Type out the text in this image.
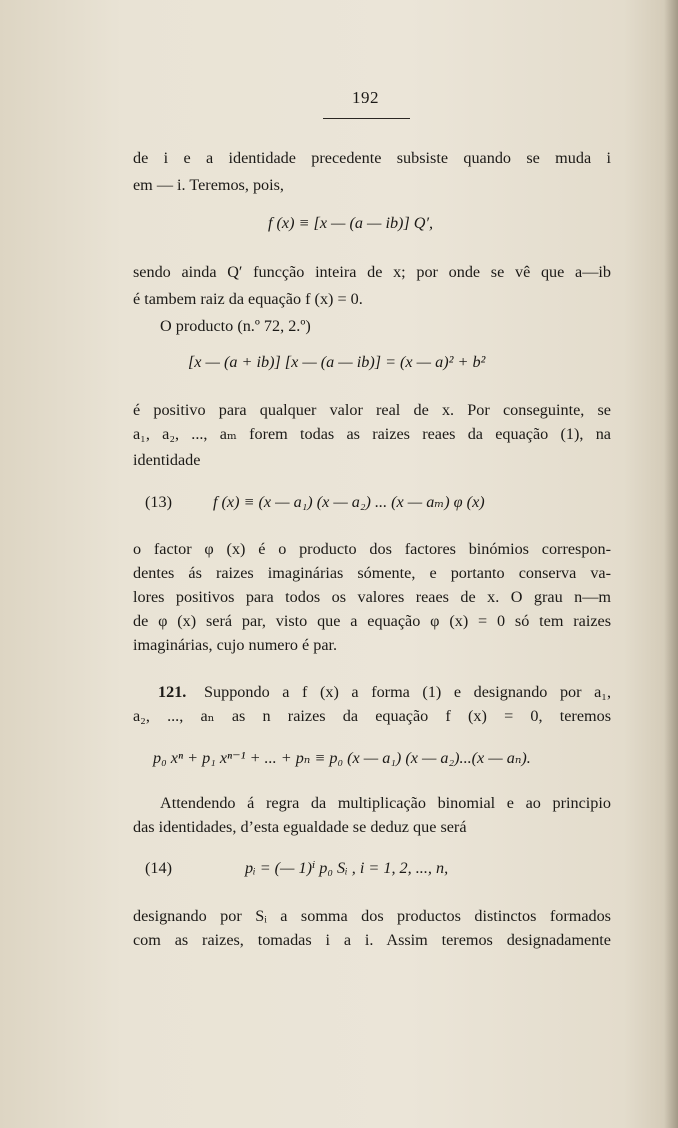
192
de i e a identidade precedente subsiste quando se muda i
em — i. Teremos, pois,
f (x) ≡ [x — (a — ib)] Q′,
sendo ainda Q′ funcção inteira de x; por onde se vê que a—ib
é tambem raiz da equação f (x) = 0.
O producto (n.º 72, 2.º)
[x — (a + ib)] [x — (a — ib)] = (x — a)² + b²
é positivo para qualquer valor real de x. Por conseguinte, se
a₁, a₂, ..., aₘ forem todas as raizes reaes da equação (1), na
identidade
(13)	f (x) ≡ (x — a₁) (x — a₂) ... (x — aₘ) φ (x)
o factor φ (x) é o producto dos factores binómios correspon-
dentes ás raizes imaginárias sómente, e portanto conserva va-
lores positivos para todos os valores reaes de x. O grau n—m
de φ (x) será par, visto que a equação φ (x) = 0 só tem raizes
imaginárias, cujo numero é par.
121.	Suppondo a f (x) a forma (1) e designando por a₁,
a₂, ..., aₙ as n raizes da equação f (x) = 0, teremos
p₀ xⁿ + p₁ xⁿ⁻¹ + ... + pₙ ≡ p₀ (x — a₁) (x — a₂)...(x — aₙ).
Attendendo á regra da multiplicação binomial e ao principio
das identidades, d’esta egualdade se deduz que será
(14)	pᵢ = (— 1)ⁱ p₀ Sᵢ , i = 1, 2, ..., n,
designando por Sᵢ a somma dos productos distinctos formados
com as raizes, tomadas i a i. Assim teremos designadamente
